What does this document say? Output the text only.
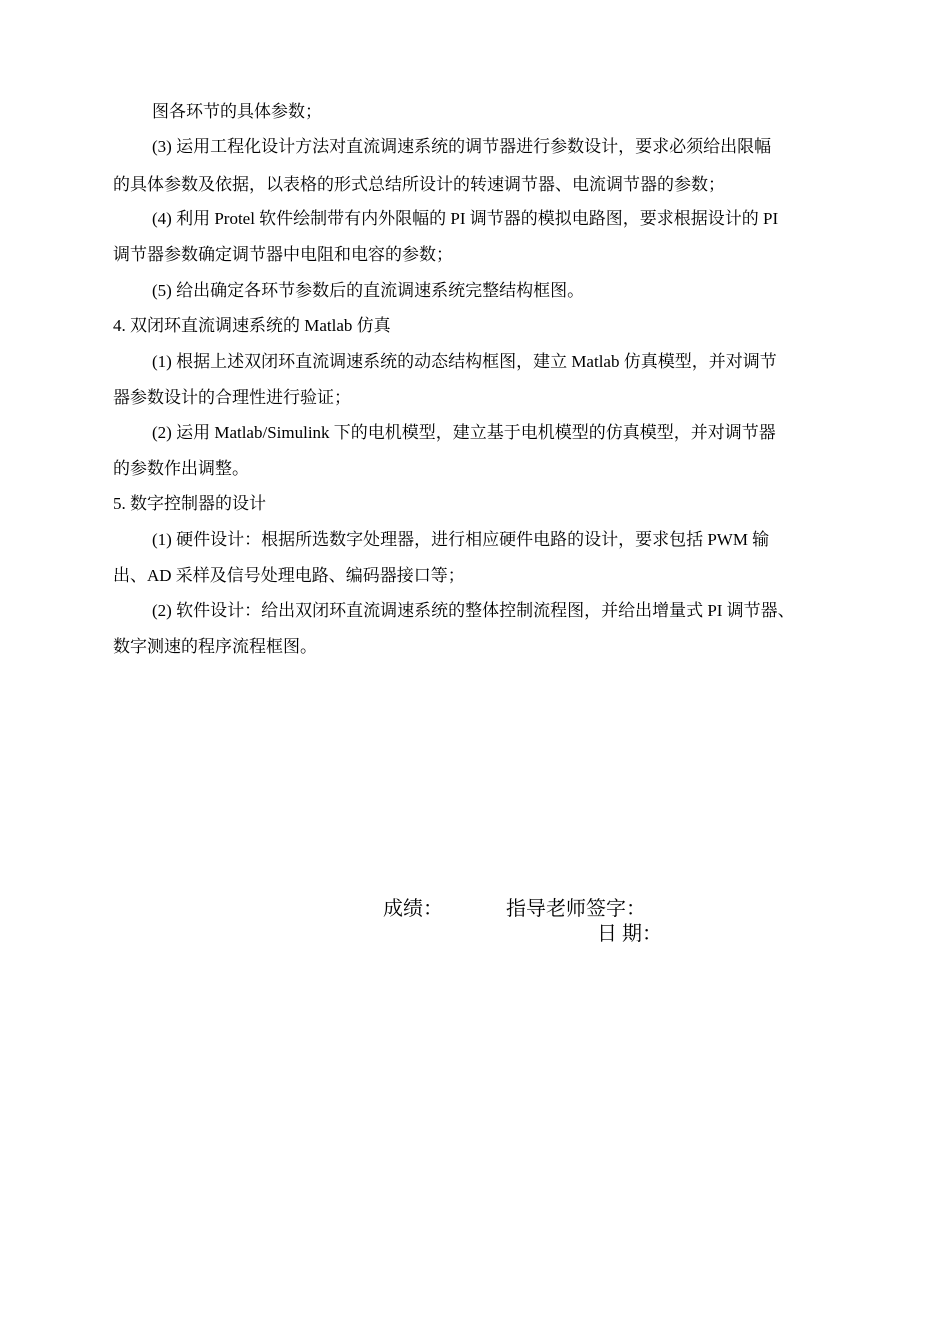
图各环节的具体参数；
(3) 运用工程化设计方法对直流调速系统的调节器进行参数设计，要求必须给出限幅
的具体参数及依据，以表格的形式总结所设计的转速调节器、电流调节器的参数；
(4) 利用 Protel 软件绘制带有内外限幅的 PI 调节器的模拟电路图，要求根据设计的 PI
调节器参数确定调节器中电阻和电容的参数；
(5) 给出确定各环节参数后的直流调速系统完整结构框图。
4. 双闭环直流调速系统的 Matlab 仿真
(1) 根据上述双闭环直流调速系统的动态结构框图，建立 Matlab 仿真模型，并对调节
器参数设计的合理性进行验证；
(2) 运用 Matlab/Simulink 下的电机模型，建立基于电机模型的仿真模型，并对调节器
的参数作出调整。
5. 数字控制器的设计
(1) 硬件设计：根据所选数字处理器，进行相应硬件电路的设计，要求包括 PWM 输
出、AD 采样及信号处理电路、编码器接口等；
(2) 软件设计：给出双闭环直流调速系统的整体控制流程图，并给出增量式 PI 调节器、
数字测速的程序流程框图。
成绩：	指导老师签字：
日 期：
